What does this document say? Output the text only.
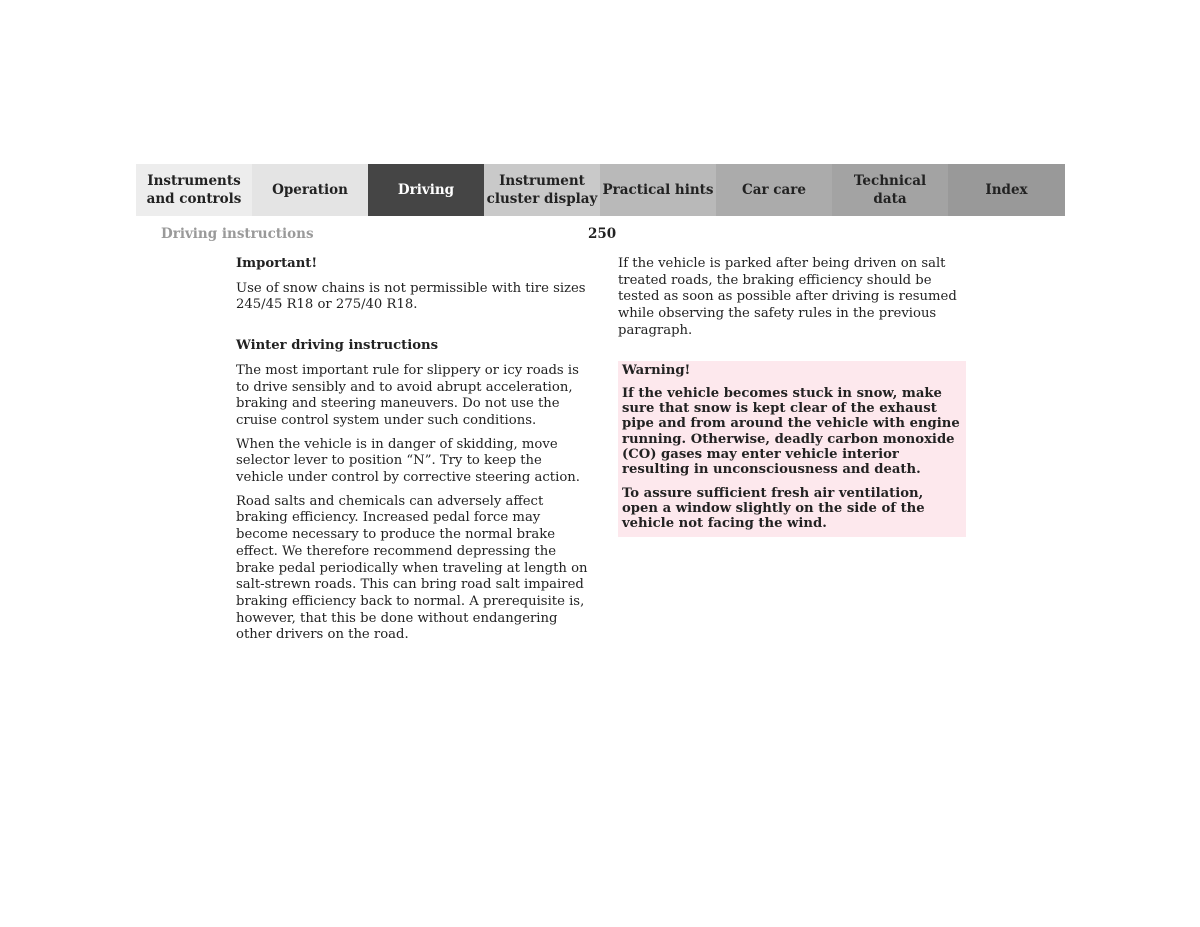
Instruments
and controls
Operation	Driving
Instrument
cluster display
Practical hints Car care
Technical
data
Index
Driving instructions	250

Important!

Use of snow chains is not permissible with tire sizes 245/45 R18 or 275/40 R18.

Winter driving instructions

The most important rule for slippery or icy roads is to drive sensibly and to avoid abrupt acceleration, braking and steering maneuvers. Do not use the cruise control system under such conditions.

When the vehicle is in danger of skidding, move selector lever to position “N”. Try to keep the vehicle under control by corrective steering action.

Road salts and chemicals can adversely affect braking efficiency. Increased pedal force may become necessary to produce the normal brake effect. We therefore recommend depressing the brake pedal periodically when traveling at length on salt-strewn roads. This can bring road salt impaired braking efficiency back to normal. A prerequisite is, however, that this be done without endangering other drivers on the road.

If the vehicle is parked after being driven on salt treated roads, the braking efficiency should be tested as soon as possible after driving is resumed while observing the safety rules in the previous paragraph.

Warning!

If the vehicle becomes stuck in snow, make sure that snow is kept clear of the exhaust pipe and from around the vehicle with engine running. Otherwise, deadly carbon monoxide (CO) gases may enter vehicle interior resulting in unconsciousness and death.

To assure sufficient fresh air ventilation, open a window slightly on the side of the vehicle not facing the wind.
